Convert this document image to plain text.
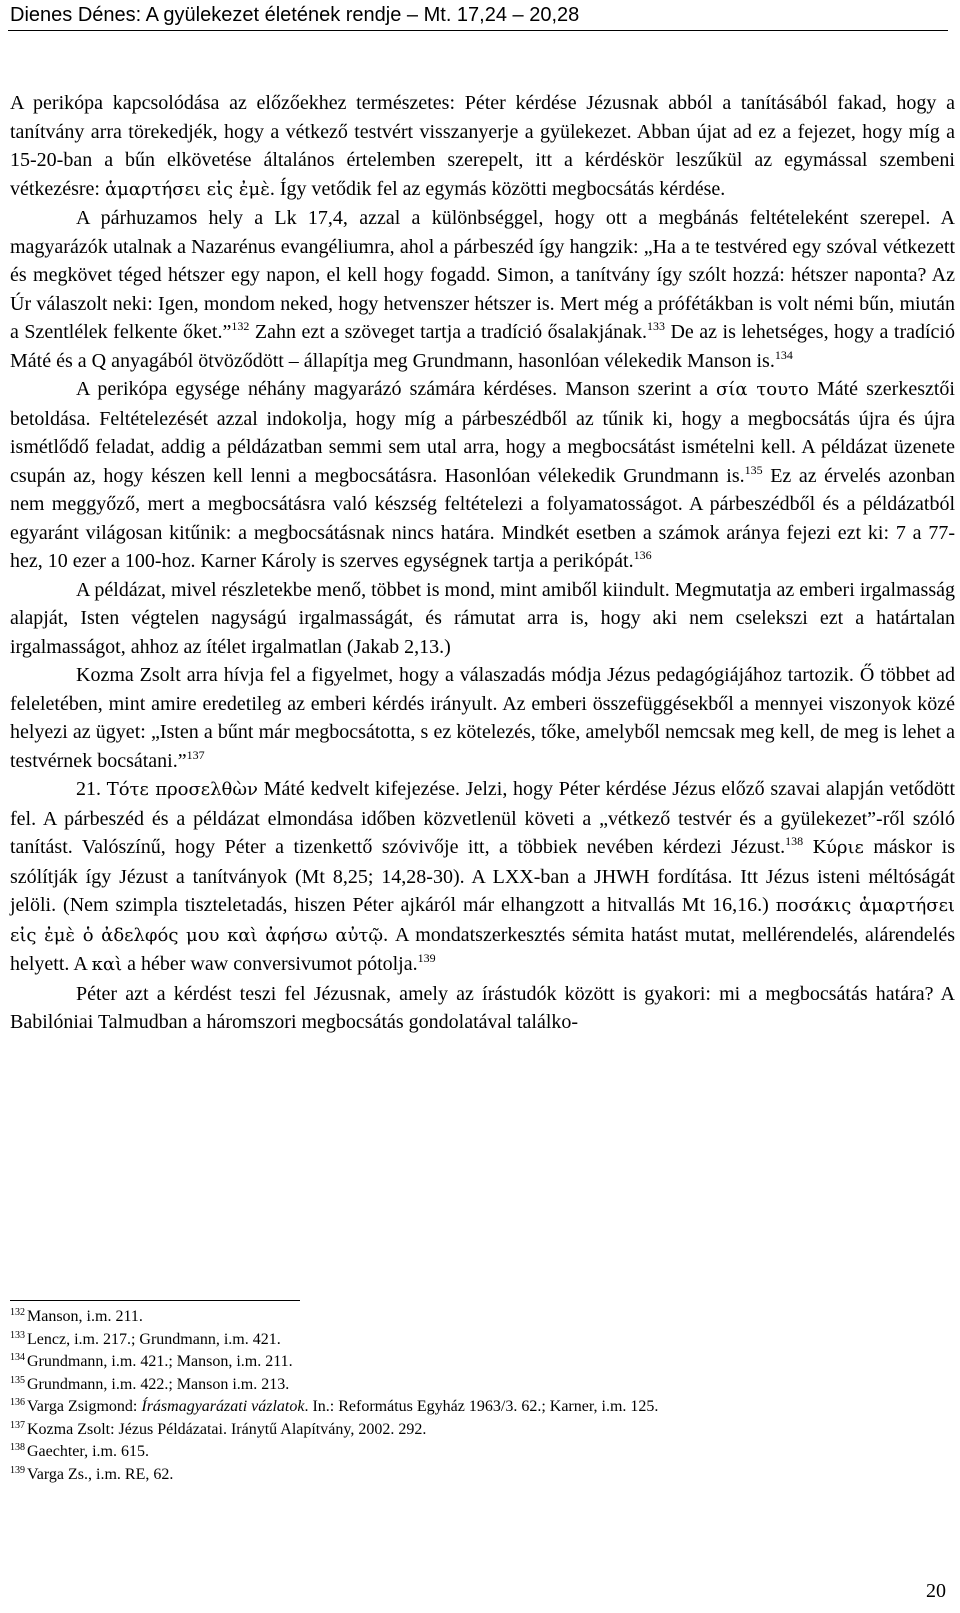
Dienes Dénes: A gyülekezet életének rendje – Mt. 17,24 – 20,28

A perikópa kapcsolódása az előzőekhez természetes: Péter kérdése Jézusnak abból a tanításából fakad, hogy a tanítvány arra törekedjék, hogy a vétkező testvért visszanyerje a gyülekezet. Abban újat ad ez a fejezet, hogy míg a 15-20-ban a bűn elkövetése általános értelemben szerepelt, itt a kérdéskör leszűkül az egymással szembeni vétkezésre: ἁμαρτήσει εἰς ἐμὲ. Így vetődik fel az egymás közötti megbocsátás kérdése.

A párhuzamos hely a Lk 17,4, azzal a különbséggel, hogy ott a megbánás feltételeként szerepel. A magyarázók utalnak a Nazarénus evangéliumra, ahol a párbeszéd így hangzik: „Ha a te testvéred egy szóval vétkezett és megkövet téged hétszer egy napon, el kell hogy fogadd. Simon, a tanítvány így szólt hozzá: hétszer naponta? Az Úr válaszolt neki: Igen, mondom neked, hogy hetvenszer hétszer is. Mert még a prófétákban is volt némi bűn, miután a Szentlélek felkente őket.”$^{132}$ Zahn ezt a szöveget tartja a tradíció ősalakjának.$^{133}$ De az is lehetséges, hogy a tradíció Máté és a Q anyagából ötvöződött – állapítja meg Grundmann, hasonlóan vélekedik Manson is.$^{134}$

A perikópa egysége néhány magyarázó számára kérdéses. Manson szerint a σία τουτο Máté szerkesztői betoldása. Feltételezését azzal indokolja, hogy míg a párbeszédből az tűnik ki, hogy a megbocsátás újra és újra ismétlődő feladat, addig a példázatban semmi sem utal arra, hogy a megbocsátást ismételni kell. A példázat üzenete csupán az, hogy készen kell lenni a megbocsátásra. Hasonlóan vélekedik Grundmann is.$^{135}$ Ez az érvelés azonban nem meggyőző, mert a megbocsátásra való készség feltételezi a folyamatosságot. A párbeszédből és a példázatból egyaránt világosan kitűnik: a megbocsátásnak nincs határa. Mindkét esetben a számok aránya fejezi ezt ki: 7 a 77-hez, 10 ezer a 100-hoz. Karner Károly is szerves egységnek tartja a perikópát.$^{136}$

A példázat, mivel részletekbe menő, többet is mond, mint amiből kiindult. Megmutatja az emberi irgalmasság alapját, Isten végtelen nagyságú irgalmasságát, és rámutat arra is, hogy aki nem cselekszi ezt a határtalan irgalmasságot, ahhoz az ítélet irgalmatlan (Jakab 2,13.)

Kozma Zsolt arra hívja fel a figyelmet, hogy a válaszadás módja Jézus pedagógiájához tartozik. Ő többet ad feleletében, mint amire eredetileg az emberi kérdés irányult. Az emberi összefüggésekből a mennyei viszonyok közé helyezi az ügyet: „Isten a bűnt már megbocsátotta, s ez kötelezés, tőke, amelyből nemcsak meg kell, de meg is lehet a testvérnek bocsátani.”$^{137}$

21. Τότε προσελθὼν Máté kedvelt kifejezése. Jelzi, hogy Péter kérdése Jézus előző szavai alapján vetődött fel. A párbeszéd és a példázat elmondása időben közvetlenül követi a „vétkező testvér és a gyülekezet”-ről szóló tanítást. Valószínű, hogy Péter a tizenkettő szóvivője itt, a többiek nevében kérdezi Jézust.$^{138}$ Κύριε máskor is szólítják így Jézust a tanítványok (Mt 8,25; 14,28-30). A LXX-ban a JHWH fordítása. Itt Jézus isteni méltóságát jelöli. (Nem szimpla tiszteletadás, hiszen Péter ajkáról már elhangzott a hitvallás Mt 16,16.) ποσάκις ἁμαρτήσει εἰς ἐμὲ ὁ ἀδελφός μου καὶ ἀφήσω αὐτῷ. A mondatszerkesztés sémita hatást mutat, mellérendelés, alárendelés helyett. A καὶ a héber waw conversivumot pótolja.$^{139}$

Péter azt a kérdést teszi fel Jézusnak, amely az írástudók között is gyakori: mi a megbocsátás határa? A Babilóniai Talmudban a háromszori megbocsátás gondolatával találko-

$^{132}$ Manson, i.m. 211.
$^{133}$ Lencz, i.m. 217.; Grundmann, i.m. 421.
$^{134}$ Grundmann, i.m. 421.; Manson, i.m. 211.
$^{135}$ Grundmann, i.m. 422.; Manson i.m. 213.
$^{136}$ Varga Zsigmond: Írásmagyarázati vázlatok. In.: Református Egyház 1963/3. 62.; Karner, i.m. 125.
$^{137}$ Kozma Zsolt: Jézus Példázatai. Iránytű Alapítvány, 2002. 292.
$^{138}$ Gaechter, i.m. 615.
$^{139}$ Varga Zs., i.m. RE, 62.
20
